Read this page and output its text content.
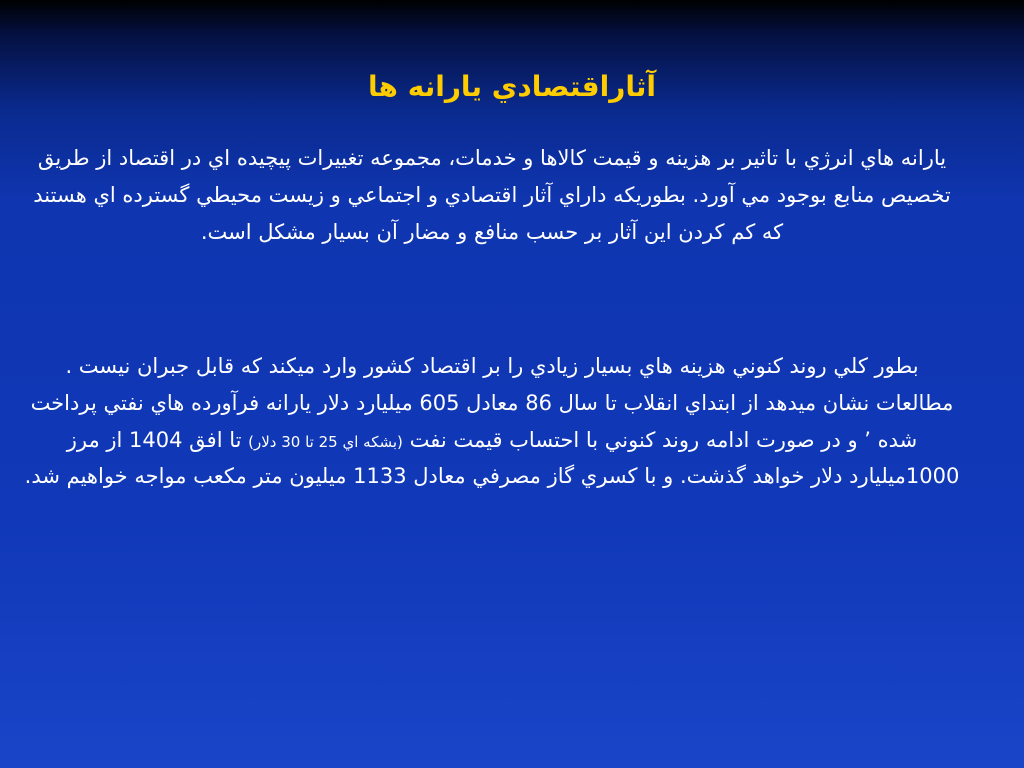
آثاراقتصادي يارانه ها

يارانه هاي انرژي با تاثير بر هزينه و قيمت كالاها و خدمات، مجموعه تغييرات پيچيده اي در اقتصاد از طريق تخصيص منابع بوجود مي آورد. بطوريكه داراي آثار اقتصادي و اجتماعي و زيست محيطي گسترده اي هستند كه كم كردن اين آثار بر حسب منافع و مضار آن بسيار مشكل است.

بطور كلي روند كنوني هزينه هاي بسيار زيادي را بر اقتصاد كشور وارد ميكند كه قابل جبران نيست . مطالعات نشان ميدهد از ابتداي انقلاب تا سال 86 معادل 605 ميليارد دلار يارانه فرآورده هاي نفتي پرداخت شده ’ و در صورت ادامه روند كنوني با احتساب قيمت نفت (بشكه اي 25 تا 30 دلار) تا افق 1404 از مرز 1000ميليارد دلار خواهد گذشت. و با كسري گاز مصرفي معادل 1133 ميليون متر مكعب مواجه خواهيم شد.
